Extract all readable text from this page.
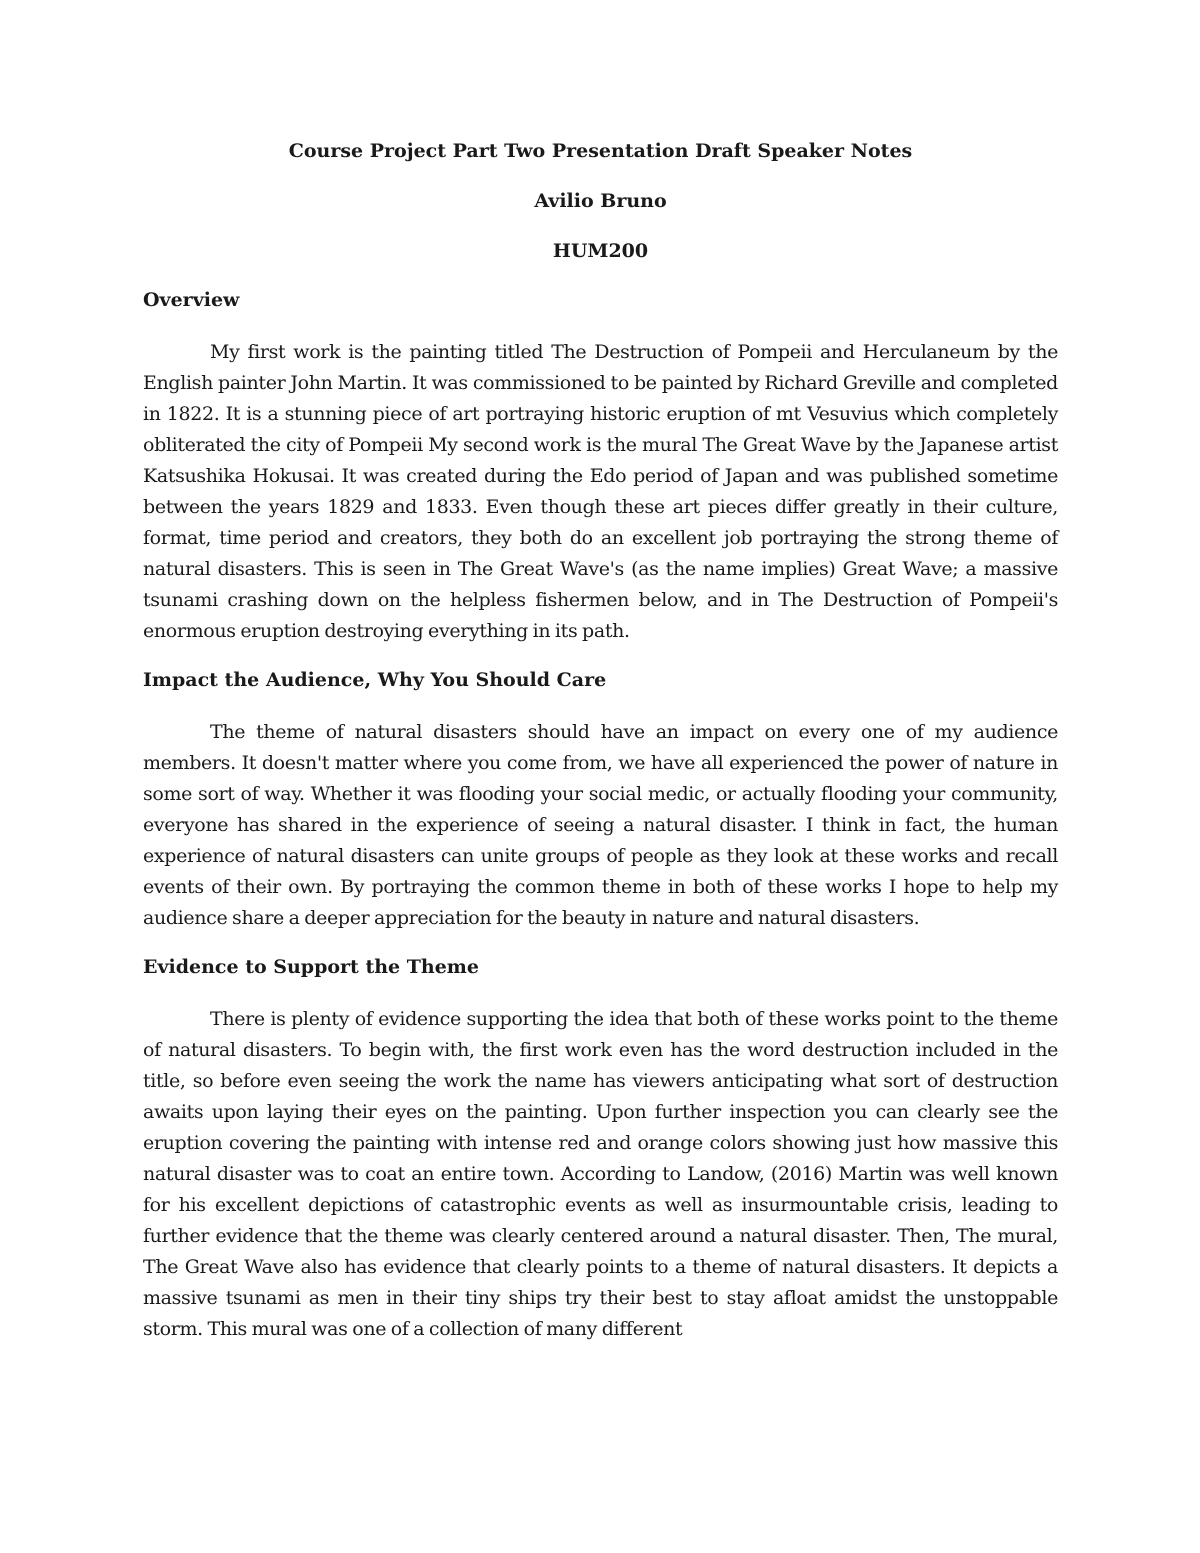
Course Project Part Two Presentation Draft Speaker Notes
Avilio Bruno
HUM200
Overview

My first work is the painting titled The Destruction of Pompeii and Herculaneum by the English painter John Martin. It was commissioned to be painted by Richard Greville and completed in 1822. It is a stunning piece of art portraying historic eruption of mt Vesuvius which completely obliterated the city of Pompeii My second work is the mural The Great Wave by the Japanese artist Katsushika Hokusai. It was created during the Edo period of Japan and was published sometime between the years 1829 and 1833. Even though these art pieces differ greatly in their culture, format, time period and creators, they both do an excellent job portraying the strong theme of natural disasters. This is seen in The Great Wave's (as the name implies) Great Wave; a massive tsunami crashing down on the helpless fishermen below, and in The Destruction of Pompeii's enormous eruption destroying everything in its path.

Impact the Audience, Why You Should Care

The theme of natural disasters should have an impact on every one of my audience members. It doesn't matter where you come from, we have all experienced the power of nature in some sort of way. Whether it was flooding your social medic, or actually flooding your community, everyone has shared in the experience of seeing a natural disaster. I think in fact, the human experience of natural disasters can unite groups of people as they look at these works and recall events of their own. By portraying the common theme in both of these works I hope to help my audience share a deeper appreciation for the beauty in nature and natural disasters.

Evidence to Support the Theme

There is plenty of evidence supporting the idea that both of these works point to the theme of natural disasters. To begin with, the first work even has the word destruction included in the title, so before even seeing the work the name has viewers anticipating what sort of destruction awaits upon laying their eyes on the painting. Upon further inspection you can clearly see the eruption covering the painting with intense red and orange colors showing just how massive this natural disaster was to coat an entire town. According to Landow, (2016) Martin was well known for his excellent depictions of catastrophic events as well as insurmountable crisis, leading to further evidence that the theme was clearly centered around a natural disaster. Then, The mural, The Great Wave also has evidence that clearly points to a theme of natural disasters. It depicts a massive tsunami as men in their tiny ships try their best to stay afloat amidst the unstoppable storm. This mural was one of a collection of many different
